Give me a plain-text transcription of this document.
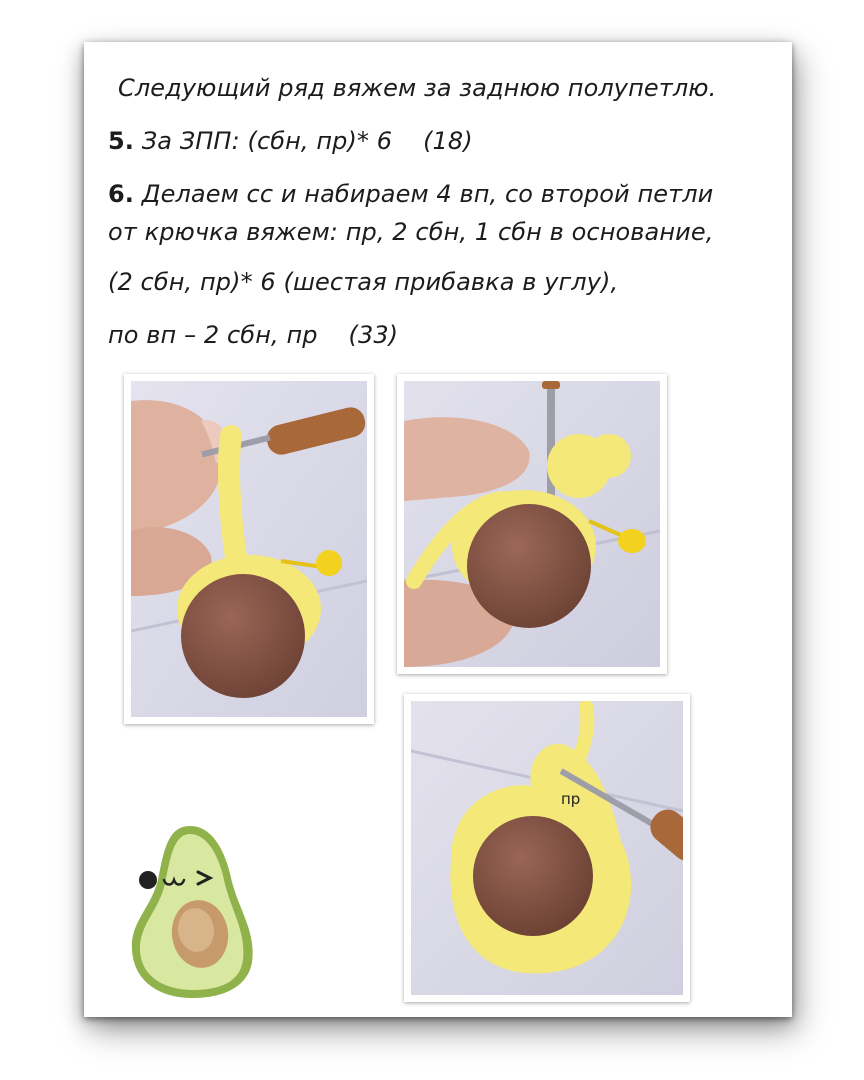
Следующий ряд вяжем за заднюю полупетлю.
5. За ЗПП: (сбн, пр)* 6    (18)
6. Делаем сс и набираем 4 вп, со второй петли
от крючка вяжем: пр, 2 сбн, 1 сбн в основание,
(2 сбн, пр)* 6 (шестая прибавка в углу),
по вп – 2 сбн, пр    (33)
пр
